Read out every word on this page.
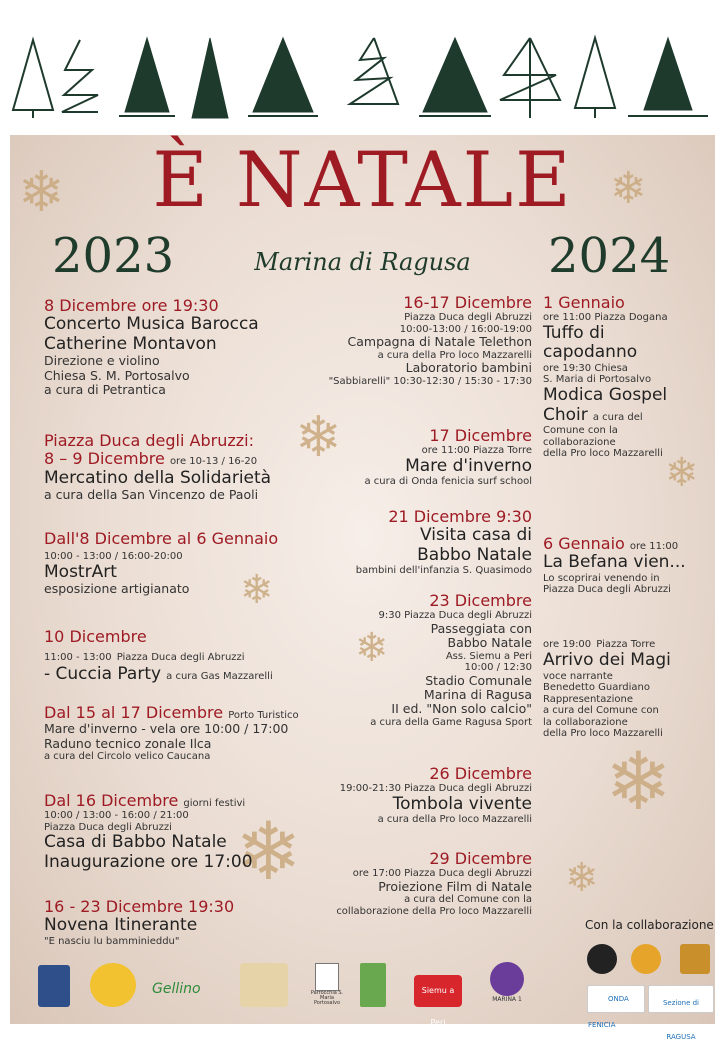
❄	❄
❄
❄
❄
❄
❄
❄
❄
È NATALE
2023	2024
Marina di Ragusa
8 Dicembre ore 19:30
Concerto Musica Barocca
Catherine Montavon
Direzione e violino
Chiesa S. M. Portosalvo
a cura di Petrantica
Piazza Duca degli Abruzzi:
8 – 9 Dicembre ore 10-13 / 16-20
Mercatino della Solidarietà
a cura della San Vincenzo de Paoli
Dall'8 Dicembre al 6 Gennaio
10:00 - 13:00 / 16:00-20:00
MostrArt
esposizione artigianato
10 Dicembre
11:00 - 13:00 Piazza Duca degli Abruzzi
- Cuccia Party a cura Gas Mazzarelli
Dal 15 al 17 Dicembre Porto Turistico
Mare d'inverno - vela ore 10:00 / 17:00
Raduno tecnico zonale Ilca
a cura del Circolo velico Caucana
Dal 16 Dicembre giorni festivi
10:00 / 13:00 - 16:00 / 21:00
Piazza Duca degli Abruzzi
Casa di Babbo Natale
Inaugurazione ore 17:00
16 - 23 Dicembre 19:30
Novena Itinerante
"E nasciu lu bamminieddu"
16-17 Dicembre
Piazza Duca degli Abruzzi
10:00-13:00 / 16:00-19:00
Campagna di Natale Telethon
a cura della Pro loco Mazzarelli
Laboratorio bambini
"Sabbiarelli" 10:30-12:30 / 15:30 - 17:30
17 Dicembre
ore 11:00 Piazza Torre
Mare d'inverno
a cura di Onda fenicia surf school
21 Dicembre 9:30
Visita casa di
Babbo Natale
bambini dell'infanzia S. Quasimodo
23 Dicembre
9:30 Piazza Duca degli Abruzzi
Passeggiata con
Babbo Natale
Ass. Siemu a Peri
10:00 / 12:30
Stadio Comunale
Marina di Ragusa
II ed. "Non solo calcio"
a cura della Game Ragusa Sport
26 Dicembre
19:00-21:30 Piazza Duca degli Abruzzi
Tombola vivente
a cura della Pro loco Mazzarelli
29 Dicembre
ore 17:00 Piazza Duca degli Abruzzi
Proiezione Film di Natale
a cura del Comune con la
collaborazione della Pro loco Mazzarelli
1 Gennaio
ore 11:00 Piazza Dogana
Tuffo di
capodanno
ore 19:30 Chiesa
S. Maria di Portosalvo
Modica Gospel
Choir a cura del
Comune con la
collaborazione
della Pro loco Mazzarelli
6 Gennaio ore 11:00
La Befana vien...
Lo scoprirai venendo in
Piazza Duca degli Abruzzi
ore 19:00 Piazza Torre
Arrivo dei Magi
voce narrante
Benedetto Guardiano
Rappresentazione
a cura del Comune con
la collaborazione
della Pro loco Mazzarelli
Con la collaborazione
Gellino	Parrocchia S. Maria Portosalvo
Siemu a Peri
MARINA 1	ONDA FENICIA
Sezione di RAGUSA
